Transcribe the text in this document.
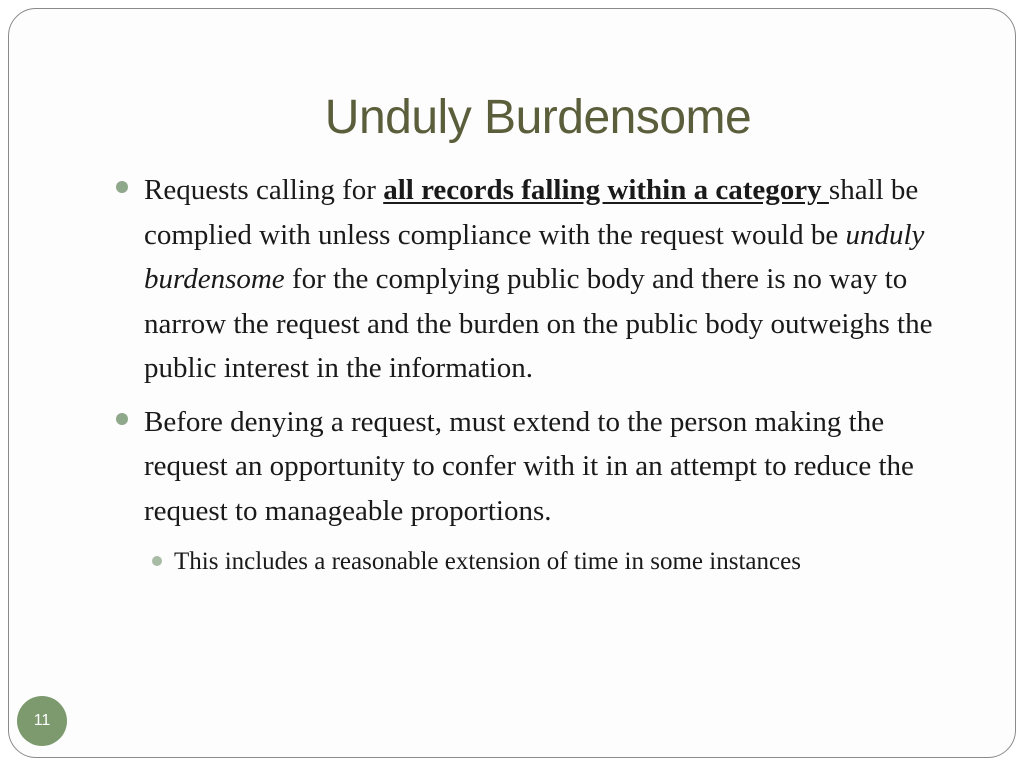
Unduly Burdensome
Requests calling for all records falling within a category shall be complied with unless compliance with the request would be unduly burdensome for the complying public body and there is no way to narrow the request and the burden on the public body outweighs the public interest in the information.
Before denying a request, must extend to the person making the request an opportunity to confer with it in an attempt to reduce the request to manageable proportions.
This includes a reasonable extension of time in some instances
11
